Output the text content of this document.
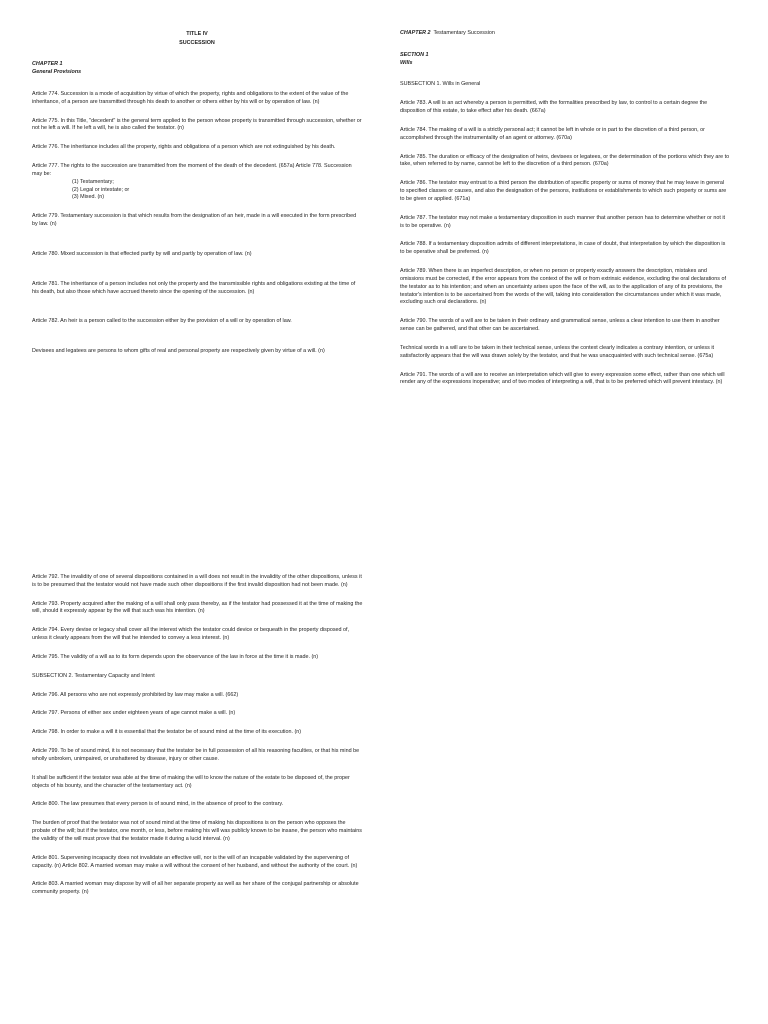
TITLE IV
SUCCESSION
CHAPTER 1
General Provisions

Article 774. Succession is a mode of acquisition by virtue of which the property, rights and obligations to the extent of the value of the inheritance, of a person are transmitted through his death to another or others either by his will or by operation of law. (n)

Article 775. In this Title, "decedent" is the general term applied to the person whose property is transmitted through succession, whether or not he left a will. If he left a will, he is also called the testator. (n)

Article 776. The inheritance includes all the property, rights and obligations of a person which are not extinguished by his death.

Article 777. The rights to the succession are transmitted from the moment of the death of the decedent. (657a) Article 778. Succession may be:

(1) Testamentary;
(2) Legal or intestate; or
(3) Mixed. (n)

Article 779. Testamentary succession is that which results from the designation of an heir, made in a will executed in the form prescribed by law. (n)

Article 780. Mixed succession is that effected partly by will and partly by operation of law. (n)

Article 781. The inheritance of a person includes not only the property and the transmissible rights and obligations existing at the time of his death, but also those which have accrued thereto since the opening of the succession. (n)

Article 782. An heir is a person called to the succession either by the provision of a will or by operation of law.

Devisees and legatees are persons to whom gifts of real and personal property are respectively given by virtue of a will. (n)

CHAPTER 2 Testamentary Succession
SECTION 1
Wills

SUBSECTION 1. Wills in General

Article 783. A will is an act whereby a person is permitted, with the formalities prescribed by law, to control to a certain degree the disposition of this estate, to take effect after his death. (667a)

Article 784. The making of a will is a strictly personal act; it cannot be left in whole or in part to the discretion of a third person, or accomplished through the instrumentality of an agent or attorney. (670a)

Article 785. The duration or efficacy of the designation of heirs, devisees or legatees, or the determination of the portions which they are to take, when referred to by name, cannot be left to the discretion of a third person. (670a)

Article 786. The testator may entrust to a third person the distribution of specific property or sums of money that he may leave in general to specified classes or causes, and also the designation of the persons, institutions or establishments to which such property or sums are to be given or applied. (671a)

Article 787. The testator may not make a testamentary disposition in such manner that another person has to determine whether or not it is to be operative. (n)

Article 788. If a testamentary disposition admits of different interpretations, in case of doubt, that interpretation by which the disposition is to be operative shall be preferred. (n)

Article 789. When there is an imperfect description, or when no person or property exactly answers the description, mistakes and omissions must be corrected, if the error appears from the context of the will or from extrinsic evidence, excluding the oral declarations of the testator as to his intention; and when an uncertainty arises upon the face of the will, as to the application of any of its provisions, the testator's intention is to be ascertained from the words of the will, taking into consideration the circumstances under which it was made, excluding such oral declarations. (n)

Article 790. The words of a will are to be taken in their ordinary and grammatical sense, unless a clear intention to use them in another sense can be gathered, and that other can be ascertained.

Technical words in a will are to be taken in their technical sense, unless the context clearly indicates a contrary intention, or unless it satisfactorily appears that the will was drawn solely by the testator, and that he was unacquainted with such technical sense. (675a)

Article 791. The words of a will are to receive an interpretation which will give to every expression some effect, rather than one which will render any of the expressions inoperative; and of two modes of interpreting a will, that is to be preferred which will prevent intestacy. (n)

Article 792. The invalidity of one of several dispositions contained in a will does not result in the invalidity of the other dispositions, unless it is to be presumed that the testator would not have made such other dispositions if the first invalid disposition had not been made. (n)

Article 793. Property acquired after the making of a will shall only pass thereby, as if the testator had possessed it at the time of making the will, should it expressly appear by the will that such was his intention. (n)

Article 794. Every devise or legacy shall cover all the interest which the testator could device or bequeath in the property disposed of, unless it clearly appears from the will that he intended to convey a less interest. (n)

Article 795. The validity of a will as to its form depends upon the observance of the law in force at the time it is made. (n)

SUBSECTION 2. Testamentary Capacity and Intent

Article 796. All persons who are not expressly prohibited by law may make a will. (662)

Article 797. Persons of either sex under eighteen years of age cannot make a will. (n)

Article 798. In order to make a will it is essential that the testator be of sound mind at the time of its execution. (n)

Article 799. To be of sound mind, it is not necessary that the testator be in full possession of all his reasoning faculties, or that his mind be wholly unbroken, unimpaired, or unshattered by disease, injury or other cause.

It shall be sufficient if the testator was able at the time of making the will to know the nature of the estate to be disposed of, the proper objects of his bounty, and the character of the testamentary act. (n)

Article 800. The law presumes that every person is of sound mind, in the absence of proof to the contrary.

The burden of proof that the testator was not of sound mind at the time of making his dispositions is on the person who opposes the probate of the will; but if the testator, one month, or less, before making his will was publicly known to be insane, the person who maintains the validity of the will must prove that the testator made it during a lucid interval. (n)

Article 801. Supervening incapacity does not invalidate an effective will, nor is the will of an incapable validated by the supervening of capacity. (n) Article 802. A married woman may make a will without the consent of her husband, and without the authority of the court. (n)

Article 803. A married woman may dispose by will of all her separate property as well as her share of the conjugal partnership or absolute community property. (n)
